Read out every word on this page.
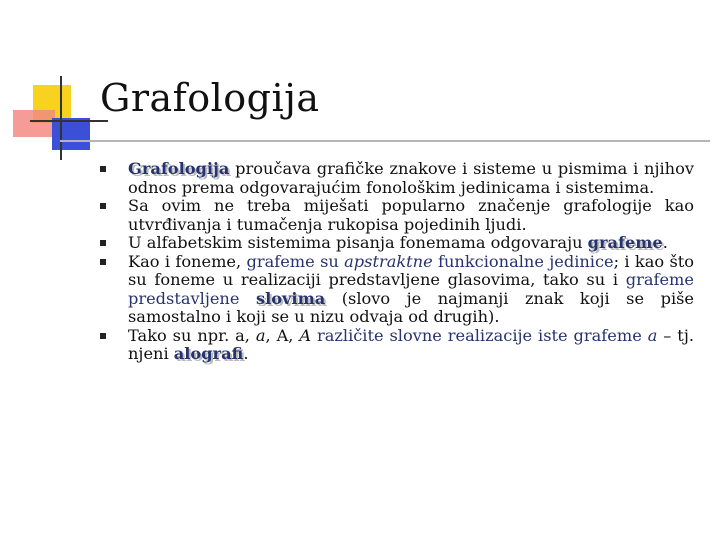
Grafologija
Grafologija proučava grafičke znakove i sisteme u pismima i njihov odnos prema odgovarajućim fonološkim jedinicama i sistemima.
Sa ovim ne treba miješati popularno značenje grafologije kao utvrđivanja i tumačenja rukopisa pojedinih ljudi.
U alfabetskim sistemima pisanja fonemama odgovaraju grafeme.
Kao i foneme, grafeme su apstraktne funkcionalne jedinice; i kao što su foneme u realizaciji predstavljene glasovima, tako su i grafeme predstavljene slovima (slovo je najmanji znak koji se piše samostalno i koji se u nizu odvaja od drugih).
Tako su npr. a, a, A, A različite slovne realizacije iste grafeme a – tj. njeni alografi.
